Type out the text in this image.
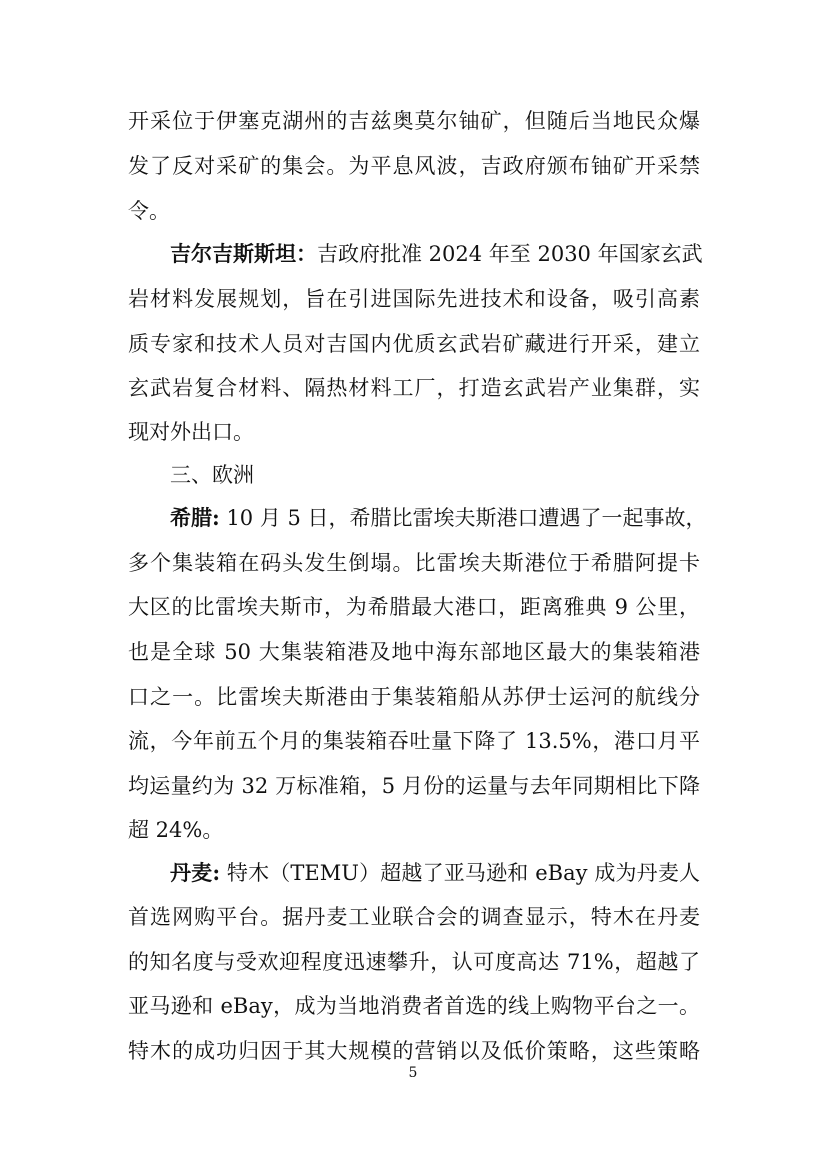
开采位于伊塞克湖州的吉兹奥莫尔铀矿，但随后当地民众爆
发了反对采矿的集会。为平息风波，吉政府颁布铀矿开采禁
令。
吉尔吉斯斯坦：吉政府批准 2024 年至 2030 年国家玄武
岩材料发展规划，旨在引进国际先进技术和设备，吸引高素
质专家和技术人员对吉国内优质玄武岩矿藏进行开采，建立
玄武岩复合材料、隔热材料工厂，打造玄武岩产业集群，实
现对外出口。
三、欧洲
希腊: 10 月 5 日，希腊比雷埃夫斯港口遭遇了一起事故，
多个集装箱在码头发生倒塌。比雷埃夫斯港位于希腊阿提卡
大区的比雷埃夫斯市，为希腊最大港口，距离雅典 9 公里，
也是全球 50 大集装箱港及地中海东部地区最大的集装箱港
口之一。比雷埃夫斯港由于集装箱船从苏伊士运河的航线分
流，今年前五个月的集装箱吞吐量下降了 13.5%，港口月平
均运量约为 32 万标准箱，5 月份的运量与去年同期相比下降
超 24%。
丹麦: 特木（TEMU）超越了亚马逊和 eBay 成为丹麦人
首选网购平台。据丹麦工业联合会的调查显示，特木在丹麦
的知名度与受欢迎程度迅速攀升，认可度高达 71%，超越了
亚马逊和 eBay，成为当地消费者首选的线上购物平台之一。
特木的成功归因于其大规模的营销以及低价策略，这些策略
5
